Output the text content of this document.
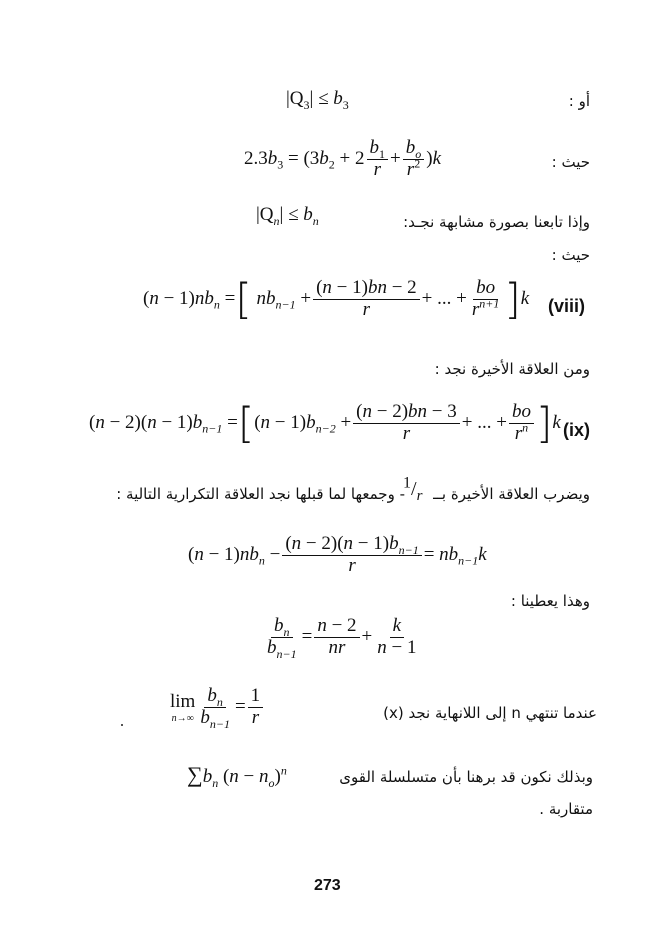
$|Q_3| \le b_3$	أو :
$2.3b_3 = (3b_2 + 2 \frac{b_1}{r} + \frac{b_o}{r^2} )k$	حيث :
$|Q_n| \le b_n$	وإذا تابعنا بصورة مشابهة نجـد:
حيث :
$(n - 1)nb_n$ =[ $nb_{n-1} + \frac{(n - 1)bn - 2}{r}$ + ... + $\frac{bo}{r^{n+1}} ]k$ (viii)
ومن العلاقة الأخيرة نجد :
$(n - 2)(n - 1)b_{n-1} =[(n - 1)b_{n-2} + \frac{(n - 2)bn - 3}{r}$ + ... + $\frac{bo}{r^n} ]k$ (ix)
- وجمعها لما قبلها نجد العلاقة التكرارية التالية :
$^1/_r$ ويضرب العلاقة الأخيرة بــ
$(n - 1)nb_n - \frac{(n - 2)(n - 1)b_{n-1}}{r} = nb_{n-1}k$
وهذا يعطينا :
$\frac{b_n}{b_{n-1}} = \frac{n - 2}{nr} + \frac{k}{n - 1}$
lim
$n\to\infty \frac{b_n}{b_{n-1}} = \frac{1}{r}$	عندما تنتهي n إلى اللانهاية نجد (x)
$\sum b_n$ $(n - n_o)^n$	وبذلك نكون قد برهنا بأن متسلسلة القوى
متقاربة .
273
